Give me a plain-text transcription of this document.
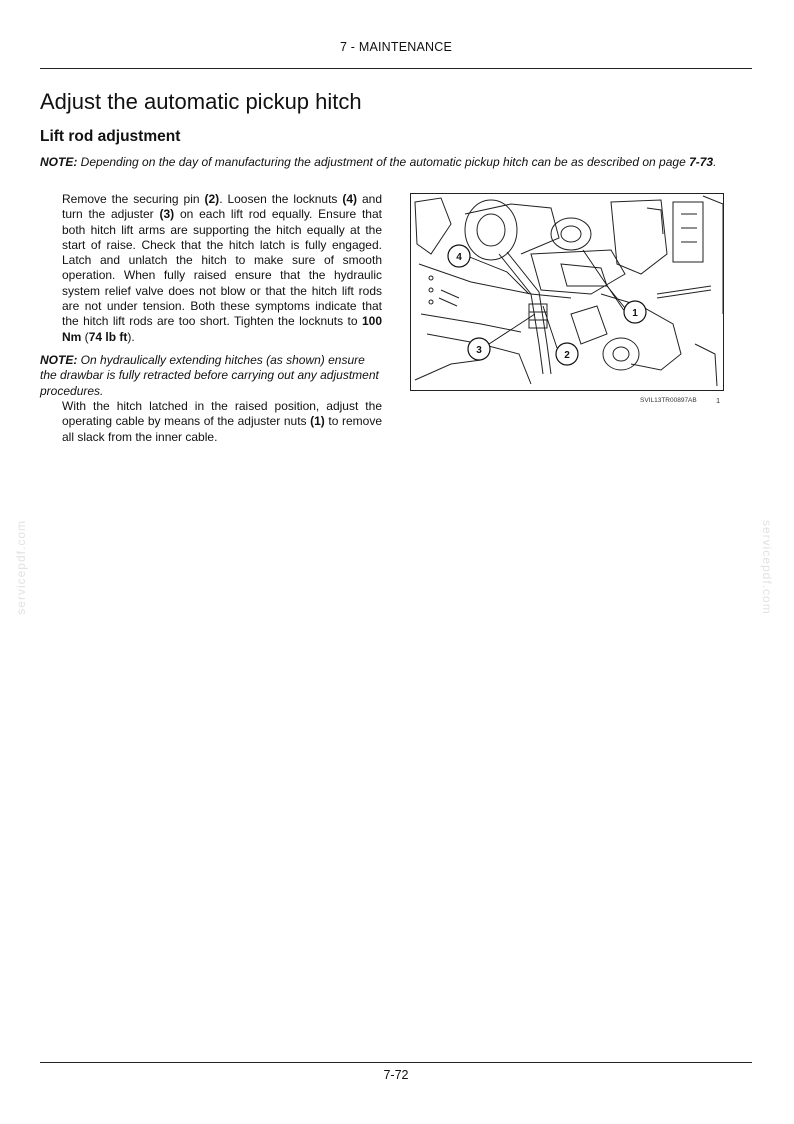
7 - MAINTENANCE
Adjust the automatic pickup hitch
Lift rod adjustment
NOTE: Depending on the day of manufacturing the adjustment of the automatic pickup hitch can be as described on page 7-73.
Remove the securing pin (2). Loosen the locknuts (4) and turn the adjuster (3) on each lift rod equally. Ensure that both hitch lift arms are supporting the hitch equally at the start of raise. Check that the hitch latch is fully engaged. Latch and unlatch the hitch to make sure of smooth operation. When fully raised ensure that the hydraulic system relief valve does not blow or that the hitch lift rods are not under tension. Both these symptoms indicate that the hitch lift rods are too short. Tighten the locknuts to 100 Nm (74 lb ft).
NOTE: On hydraulically extending hitches (as shown) ensure the drawbar is fully retracted before carrying out any adjustment procedures.
With the hitch latched in the raised position, adjust the operating cable by means of the adjuster nuts (1) to remove all slack from the inner cable.
4
3	2
1
SVIL13TR00897AB	1
servicepdf.com	servicepdf.com
7-72
